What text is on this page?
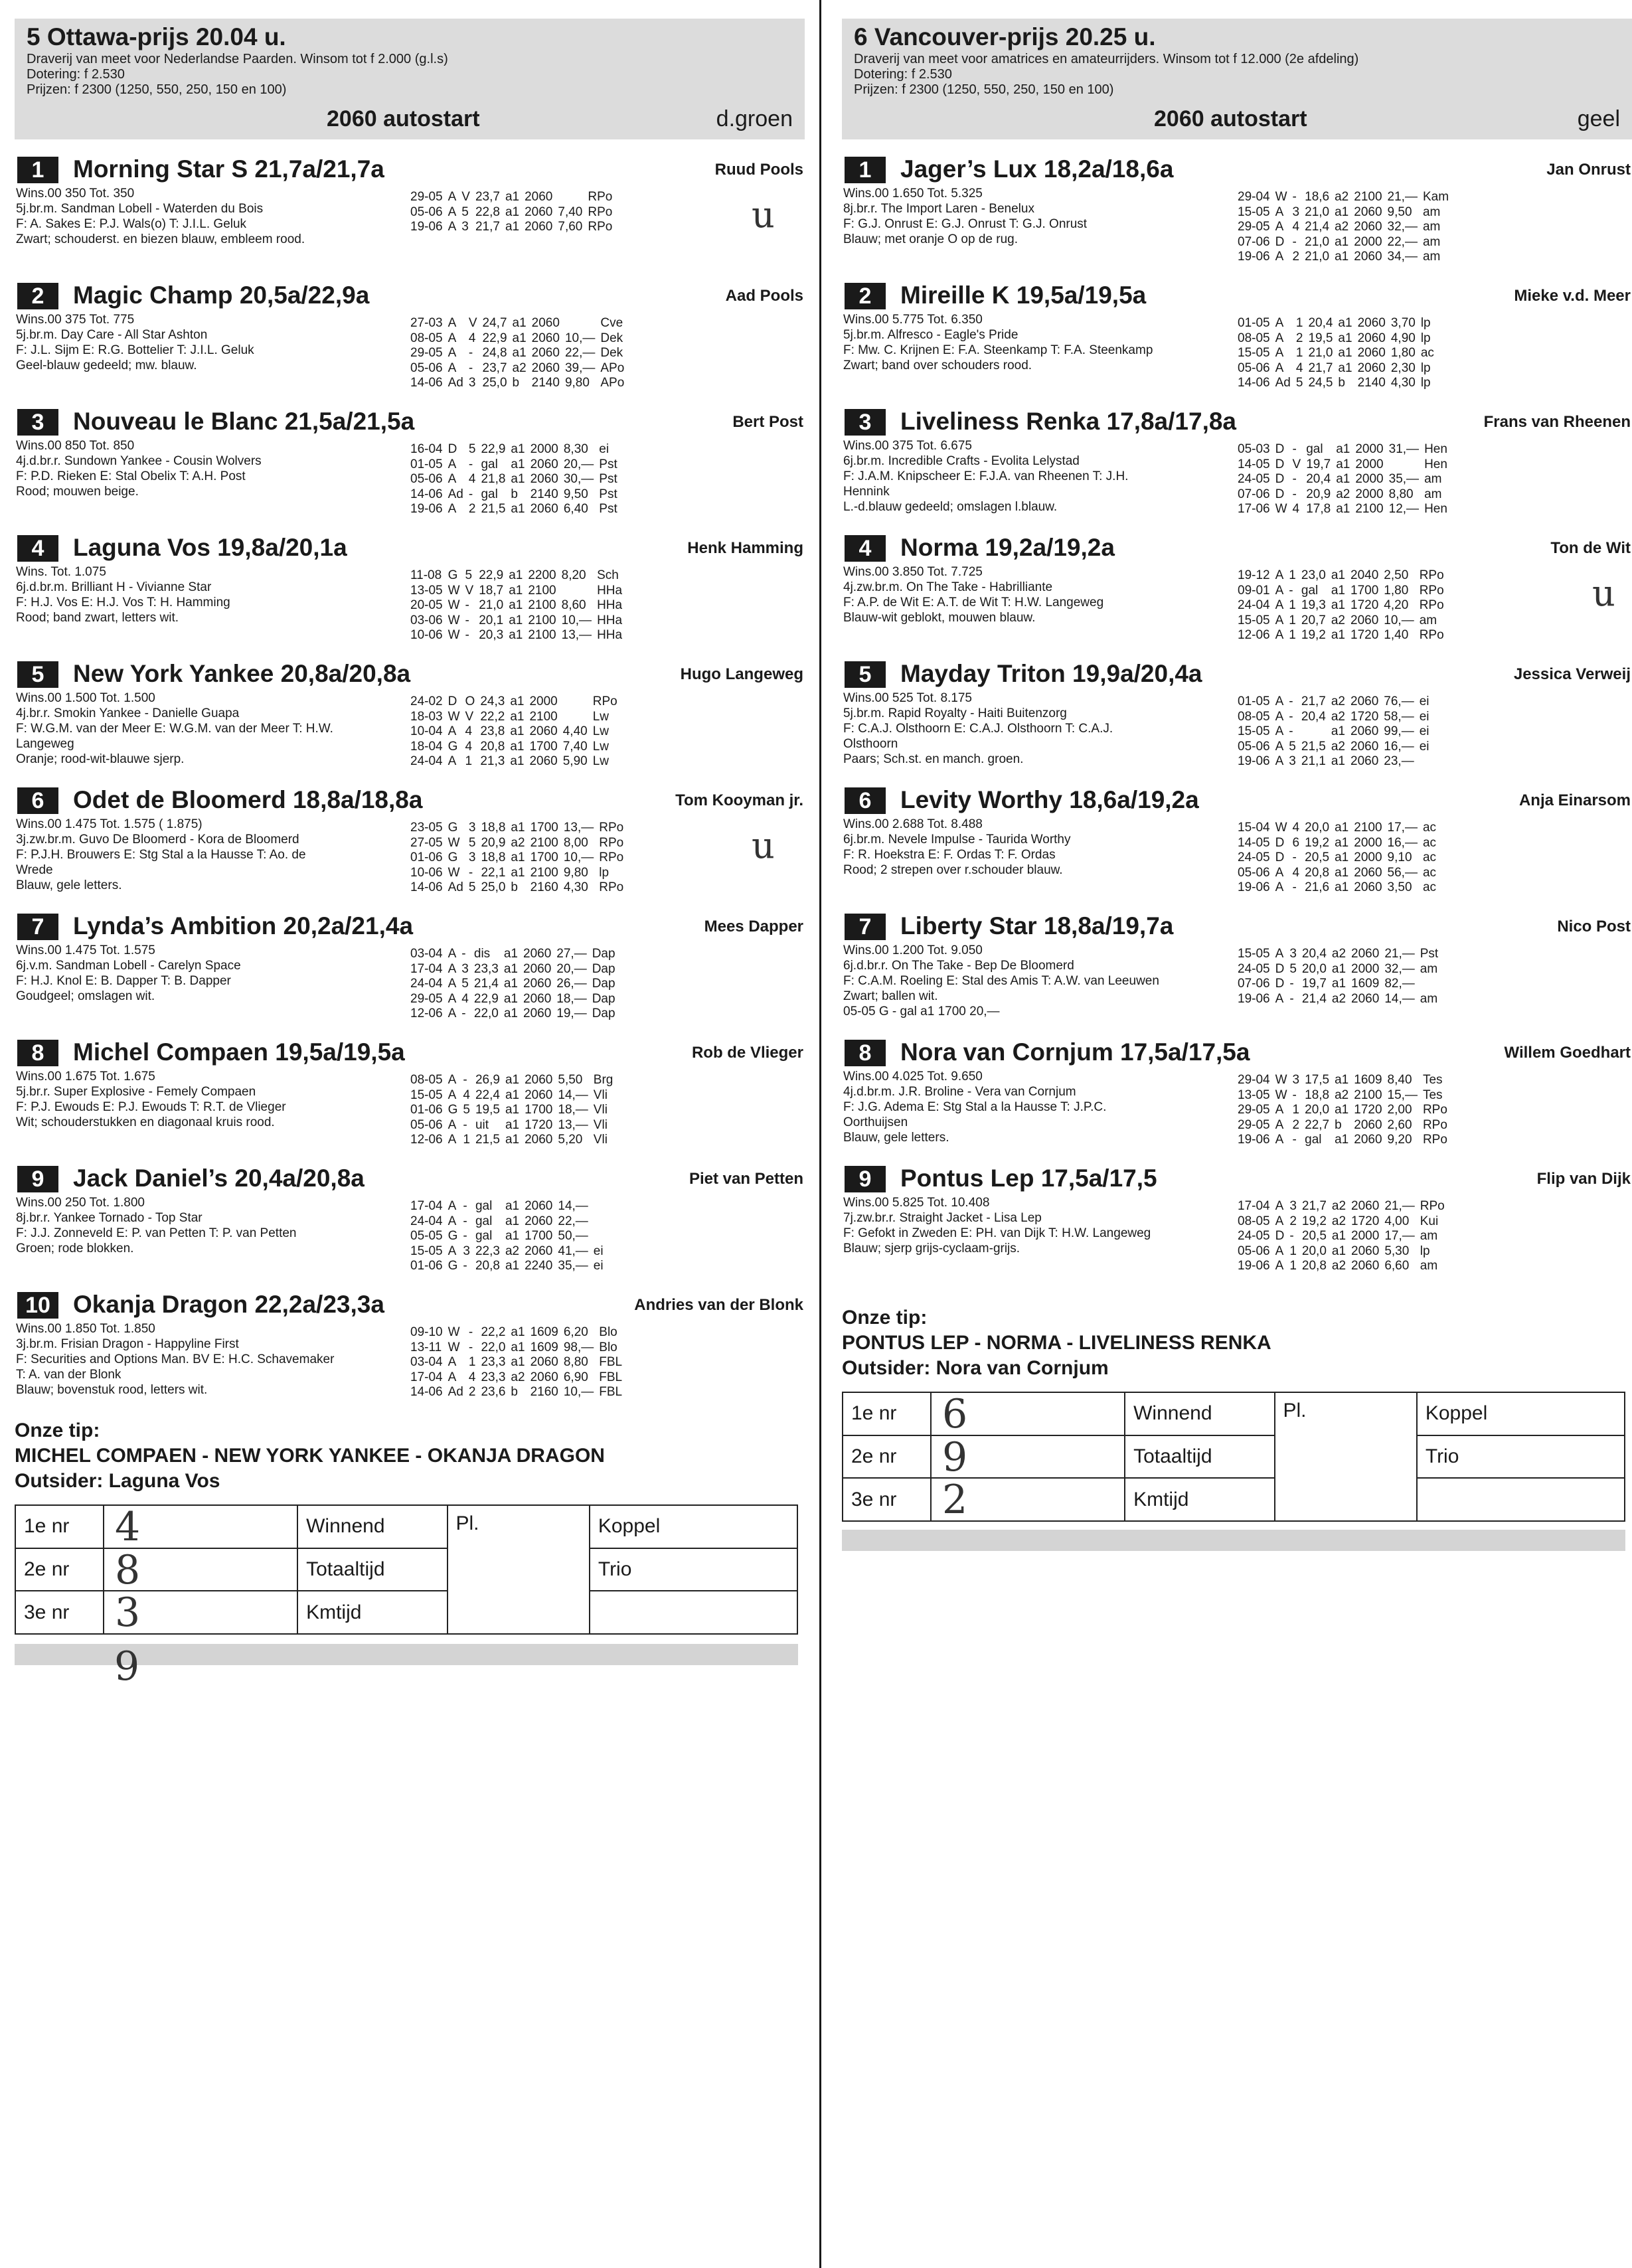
5 Ottawa-prijs 20.04 u.
Draverij van meet voor Nederlandse Paarden. Winsom tot f 2.000 (g.l.s)
Dotering: f 2.530
Prijzen: f 2300 (1250, 550, 250, 150 en 100)
2060 autostart	d.groen
1	Morning Star S 21,7a/21,7a	Ruud Pools
Wins.00 350 Tot. 350
5j.br.m. Sandman Lobell - Waterden du Bois
F: A. Sakes E: P.J. Wals(o) T: J.I.L. Geluk
Zwart; schouderst. en biezen blauw, embleem rood.
29-05	A	V	23,7	a1	2060		RPo
05-06	A	5	22,8	a1	2060	7,40	RPo
19-06	A	3	21,7	a1	2060	7,60	RPo	u
2	Magic Champ 20,5a/22,9a	Aad Pools
Wins.00 375 Tot. 775
5j.br.m. Day Care - All Star Ashton
F: J.L. Sijm E: R.G. Bottelier T: J.I.L. Geluk
Geel-blauw gedeeld; mw. blauw.
27-03	A	V	24,7	a1	2060		Cve
08-05	A	4	22,9	a1	2060	10,—	Dek
29-05	A	-	24,8	a1	2060	22,—	Dek
05-06	A	-	23,7	a2	2060	39,—	APo
14-06	Ad	3	25,0	b	2140	9,80	APo
3	Nouveau le Blanc 21,5a/21,5a	Bert Post
Wins.00 850 Tot. 850
4j.d.br.r. Sundown Yankee - Cousin Wolvers
F: P.D. Rieken E: Stal Obelix T: A.H. Post
Rood; mouwen beige.
16-04	D	5	22,9	a1	2000	8,30	ei
01-05	A	-	gal	a1	2060	20,—	Pst
05-06	A	4	21,8	a1	2060	30,—	Pst
14-06	Ad	-	gal	b	2140	9,50	Pst
19-06	A	2	21,5	a1	2060	6,40	Pst
4	Laguna Vos 19,8a/20,1a	Henk Hamming
Wins. Tot. 1.075
6j.d.br.m. Brilliant H - Vivianne Star
F: H.J. Vos E: H.J. Vos T: H. Hamming
Rood; band zwart, letters wit.
11-08	G	5	22,9	a1	2200	8,20	Sch
13-05	W	V	18,7	a1	2100		HHa
20-05	W	-	21,0	a1	2100	8,60	HHa
03-06	W	-	20,1	a1	2100	10,—	HHa
10-06	W	-	20,3	a1	2100	13,—	HHa
5	New York Yankee 20,8a/20,8a	Hugo Langeweg
Wins.00 1.500 Tot. 1.500
4j.br.r. Smokin Yankee - Danielle Guapa
F: W.G.M. van der Meer E: W.G.M. van der Meer T: H.W.
Langeweg
Oranje; rood-wit-blauwe sjerp.
24-02	D	O	24,3	a1	2000		RPo
18-03	W	V	22,2	a1	2100		Lw
10-04	A	4	23,8	a1	2060	4,40	Lw
18-04	G	4	20,8	a1	1700	7,40	Lw
24-04	A	1	21,3	a1	2060	5,90	Lw
6	Odet de Bloomerd 18,8a/18,8a	Tom Kooyman jr.
Wins.00 1.475 Tot. 1.575 ( 1.875)
3j.zw.br.m. Guvo De Bloomerd - Kora de Bloomerd
F: P.J.H. Brouwers E: Stg Stal a la Hausse T: Ao. de
Wrede
Blauw, gele letters.
23-05	G	3	18,8	a1	1700	13,—	RPo
27-05	W	5	20,9	a2	2100	8,00	RPo
01-06	G	3	18,8	a1	1700	10,—	RPo
10-06	W	-	22,1	a1	2100	9,80	lp
14-06	Ad	5	25,0	b	2160	4,30	RPo
u
7	Lynda’s Ambition 20,2a/21,4a	Mees Dapper
Wins.00 1.475 Tot. 1.575
6j.v.m. Sandman Lobell - Carelyn Space
F: H.J. Knol E: B. Dapper T: B. Dapper
Goudgeel; omslagen wit.
03-04	A	-	dis	a1	2060	27,—	Dap
17-04	A	3	23,3	a1	2060	20,—	Dap
24-04	A	5	21,4	a1	2060	26,—	Dap
29-05	A	4	22,9	a1	2060	18,—	Dap
12-06	A	-	22,0	a1	2060	19,—	Dap
8	Michel Compaen 19,5a/19,5a	Rob de Vlieger
Wins.00 1.675 Tot. 1.675
5j.br.r. Super Explosive - Femely Compaen
F: P.J. Ewouds E: P.J. Ewouds T: R.T. de Vlieger
Wit; schouderstukken en diagonaal kruis rood.
08-05	A	-	26,9	a1	2060	5,50	Brg
15-05	A	4	22,4	a1	2060	14,—	Vli
01-06	G	5	19,5	a1	1700	18,—	Vli
05-06	A	-	uit	a1	1720	13,—	Vli
12-06	A	1	21,5	a1	2060	5,20	Vli
9	Jack Daniel’s 20,4a/20,8a	Piet van Petten
Wins.00 250 Tot. 1.800
8j.br.r. Yankee Tornado - Top Star
F: J.J. Zonneveld E: P. van Petten T: P. van Petten
Groen; rode blokken.
17-04	A	-	gal	a1	2060	14,—	
24-04	A	-	gal	a1	2060	22,—	
05-05	G	-	gal	a1	1700	50,—	
15-05	A	3	22,3	a2	2060	41,—	ei
01-06	G	-	20,8	a1	2240	35,—	ei
10 Okanja Dragon 22,2a/23,3a	Andries van der Blonk
Wins.00 1.850 Tot. 1.850
3j.br.m. Frisian Dragon - Happyline First
F: Securities and Options Man. BV E: H.C. Schavemaker
T: A. van der Blonk
Blauw; bovenstuk rood, letters wit.
09-10	W	-	22,2	a1	1609	6,20	Blo
13-11	W	-	22,0	a1	1609	98,—	Blo
03-04	A	1	23,3	a1	2060	8,80	FBL
17-04	A	4	23,3	a2	2060	6,90	FBL
14-06	Ad	2	23,6	b	2160	10,—	FBL
Onze tip:
MICHEL COMPAEN - NEW YORK YANKEE - OKANJA DRAGON
Outsider: Laguna Vos
1e nr	4	Winnend	Pl.	Koppel
2e nr	8	Totaaltijd		Trio
3e nr	3	Kmtijd		
9
6 Vancouver-prijs 20.25 u.
Draverij van meet voor amatrices en amateurrijders. Winsom tot f 12.000 (2e afdeling)
Dotering: f 2.530
Prijzen: f 2300 (1250, 550, 250, 150 en 100)
2060 autostart	geel
1	Jager’s Lux 18,2a/18,6a	Jan Onrust
Wins.00 1.650 Tot. 5.325
8j.br.r. The Import Laren - Benelux
F: G.J. Onrust E: G.J. Onrust T: G.J. Onrust
Blauw; met oranje O op de rug.
29-04	W	-	18,6	a2	2100	21,—	Kam
15-05	A	3	21,0	a1	2060	9,50	am
29-05	A	4	21,4	a2	2060	32,—	am
07-06	D	-	21,0	a1	2000	22,—	am
19-06	A	2	21,0	a1	2060	34,—	am
2	Mireille K 19,5a/19,5a	Mieke v.d. Meer
Wins.00 5.775 Tot. 6.350
5j.br.m. Alfresco - Eagle's Pride
F: Mw. C. Krijnen E: F.A. Steenkamp T: F.A. Steenkamp
Zwart; band over schouders rood.
01-05	A	1	20,4	a1	2060	3,70	lp
08-05	A	2	19,5	a1	2060	4,90	lp
15-05	A	1	21,0	a1	2060	1,80	ac
05-06	A	4	21,7	a1	2060	2,30	lp
14-06	Ad	5	24,5	b	2140	4,30	lp
3	Liveliness Renka 17,8a/17,8a	Frans van Rheenen
Wins.00 375 Tot. 6.675
6j.br.m. Incredible Crafts - Evolita Lelystad
F: J.A.M. Knipscheer E: F.J.A. van Rheenen T: J.H.
Hennink
L.-d.blauw gedeeld; omslagen l.blauw.
05-03	D	-	gal	a1	2000	31,—	Hen
14-05	D	V	19,7	a1	2000		Hen
24-05	D	-	20,4	a1	2000	35,—	am
07-06	D	-	20,9	a2	2000	8,80	am
17-06	W	4	17,8	a1	2100	12,—	Hen
4	Norma 19,2a/19,2a	Ton de Wit
Wins.00 3.850 Tot. 7.725
4j.zw.br.m. On The Take - Habrilliante
F: A.P. de Wit E: A.T. de Wit T: H.W. Langeweg
Blauw-wit geblokt, mouwen blauw.
19-12	A	1	23,0	a1	2040	2,50	RPo
09-01	A	-	gal	a1	1700	1,80	RPo
24-04	A	1	19,3	a1	1720	4,20	RPo
15-05	A	1	20,7	a2	2060	10,—	am
12-06	A	1	19,2	a1	1720	1,40	RPo
u
5	Mayday Triton 19,9a/20,4a	Jessica Verweij
Wins.00 525 Tot. 8.175
5j.br.m. Rapid Royalty - Haiti Buitenzorg
F: C.A.J. Olsthoorn E: C.A.J. Olsthoorn T: C.A.J.
Olsthoorn
Paars; Sch.st. en manch. groen.
01-05	A	-	21,7	a2	2060	76,—	ei
08-05	A	-	20,4	a2	1720	58,—	ei
15-05	A	-		a1	2060	99,—	ei
05-06	A	5	21,5	a2	2060	16,—	ei
19-06	A	3	21,1	a1	2060	23,—	
6	Levity Worthy 18,6a/19,2a	Anja Einarsom
Wins.00 2.688 Tot. 8.488
6j.br.m. Nevele Impulse - Taurida Worthy
F: R. Hoekstra E: F. Ordas T: F. Ordas
Rood; 2 strepen over r.schouder blauw.
15-04	W	4	20,0	a1	2100	17,—	ac
14-05	D	6	19,2	a1	2000	16,—	ac
24-05	D	-	20,5	a1	2000	9,10	ac
05-06	A	4	20,8	a1	2060	56,—	ac
19-06	A	-	21,6	a1	2060	3,50	ac
7	Liberty Star 18,8a/19,7a	Nico Post
Wins.00 1.200 Tot. 9.050
6j.d.br.r. On The Take - Bep De Bloomerd
F: C.A.M. Roeling E: Stal des Amis T: A.W. van Leeuwen
Zwart; ballen wit.
05-05 G - gal a1 1700 20,—
15-05	A	3	20,4	a2	2060	21,—	Pst
24-05	D	5	20,0	a1	2000	32,—	am
07-06	D	-	19,7	a1	1609	82,—	
19-06	A	-	21,4	a2	2060	14,—	am
8	Nora van Cornjum 17,5a/17,5a	Willem Goedhart
Wins.00 4.025 Tot. 9.650
4j.d.br.m. J.R. Broline - Vera van Cornjum
F: J.G. Adema E: Stg Stal a la Hausse T: J.P.C.
Oorthuijsen
Blauw, gele letters.
29-04	W	3	17,5	a1	1609	8,40	Tes
13-05	W	-	18,8	a2	2100	15,—	Tes
29-05	A	1	20,0	a1	1720	2,00	RPo
29-05	A	2	22,7	b	2060	2,60	RPo
19-06	A	-	gal	a1	2060	9,20	RPo
9	Pontus Lep 17,5a/17,5	Flip van Dijk
Wins.00 5.825 Tot. 10.408
7j.zw.br.r. Straight Jacket - Lisa Lep
F: Gefokt in Zweden E: PH. van Dijk T: H.W. Langeweg
Blauw; sjerp grijs-cyclaam-grijs.
17-04	A	3	21,7	a2	2060	21,—	RPo
08-05	A	2	19,2	a2	1720	4,00	Kui
24-05	D	-	20,5	a1	2000	17,—	am
05-06	A	1	20,0	a1	2060	5,30	lp
19-06	A	1	20,8	a2	2060	6,60	am
Onze tip:
PONTUS LEP - NORMA - LIVELINESS RENKA
Outsider: Nora van Cornjum
1e nr	6	Winnend	Pl.	Koppel
2e nr	9	Totaaltijd		Trio
3e nr	2	Kmtijd		
